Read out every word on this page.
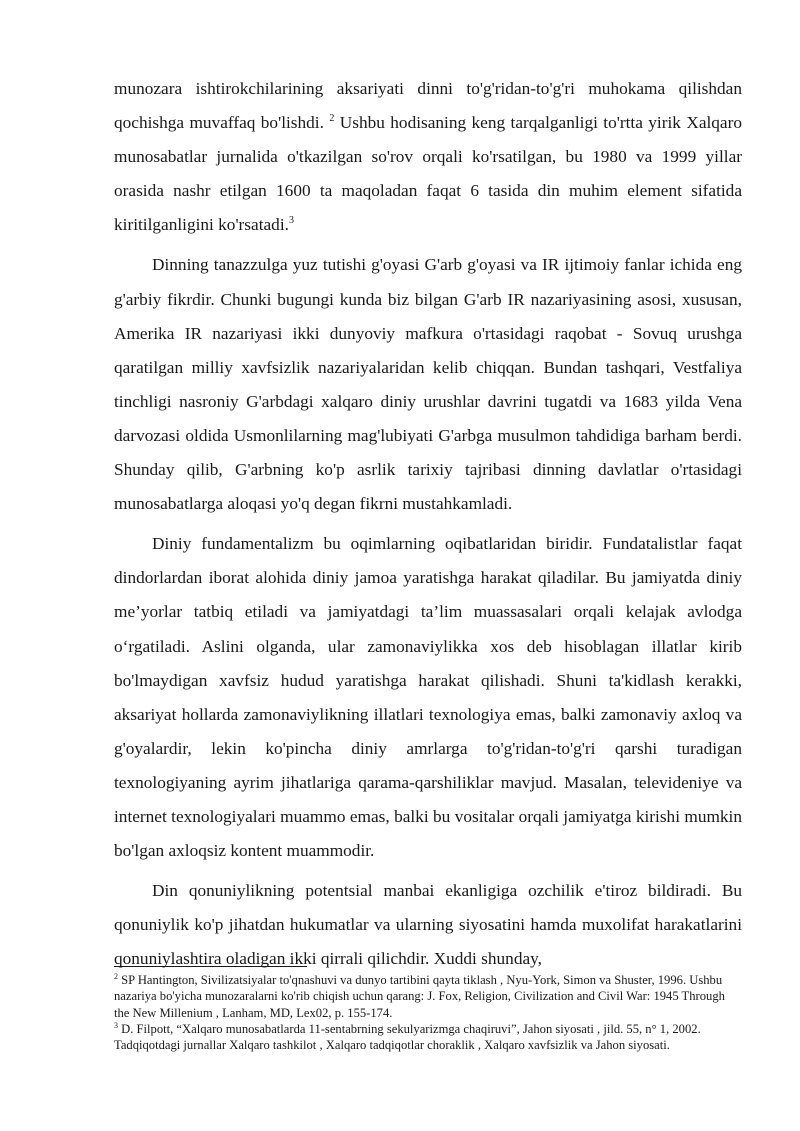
munozara ishtirokchilarining aksariyati dinni to'g'ridan-to'g'ri muhokama qilishdan qochishga muvaffaq bo'lishdi. $^2$ Ushbu hodisaning keng tarqalganligi to'rtta yirik Xalqaro munosabatlar jurnalida o'tkazilgan so'rov orqali ko'rsatilgan, bu 1980 va 1999 yillar orasida nashr etilgan 1600 ta maqoladan faqat 6 tasida din muhim element sifatida kiritilganligini ko'rsatadi.$^3$

Dinning tanazzulga yuz tutishi g'oyasi G'arb g'oyasi va IR ijtimoiy fanlar ichida eng g'arbiy fikrdir. Chunki bugungi kunda biz bilgan G'arb IR nazariyasining asosi, xususan, Amerika IR nazariyasi ikki dunyoviy mafkura o'rtasidagi raqobat - Sovuq urushga qaratilgan milliy xavfsizlik nazariyalaridan kelib chiqqan. Bundan tashqari, Vestfaliya tinchligi nasroniy G'arbdagi xalqaro diniy urushlar davrini tugatdi va 1683 yilda Vena darvozasi oldida Usmonlilarning mag'lubiyati G'arbga musulmon tahdidiga barham berdi. Shunday qilib, G'arbning ko'p asrlik tarixiy tajribasi dinning davlatlar o'rtasidagi munosabatlarga aloqasi yo'q degan fikrni mustahkamladi.

Diniy fundamentalizm bu oqimlarning oqibatlaridan biridir. Fundatalistlar faqat dindorlardan iborat alohida diniy jamoa yaratishga harakat qiladilar. Bu jamiyatda diniy me’yorlar tatbiq etiladi va jamiyatdagi ta’lim muassasalari orqali kelajak avlodga o‘rgatiladi. Aslini olganda, ular zamonaviylikka xos deb hisoblagan illatlar kirib bo'lmaydigan xavfsiz hudud yaratishga harakat qilishadi. Shuni ta'kidlash kerakki, aksariyat hollarda zamonaviylikning illatlari texnologiya emas, balki zamonaviy axloq va g'oyalardir, lekin ko'pincha diniy amrlarga to'g'ridan-to'g'ri qarshi turadigan texnologiyaning ayrim jihatlariga qarama-qarshiliklar mavjud. Masalan, televideniye va internet texnologiyalari muammo emas, balki bu vositalar orqali jamiyatga kirishi mumkin bo'lgan axloqsiz kontent muammodir.

Din qonuniylikning potentsial manbai ekanligiga ozchilik e'tiroz bildiradi. Bu qonuniylik ko'p jihatdan hukumatlar va ularning siyosatini hamda muxolifat harakatlarini qonuniylashtira oladigan ikki qirrali qilichdir. Xuddi shunday,

$^2$ SP Hantington, Sivilizatsiyalar to'qnashuvi va dunyo tartibini qayta tiklash , Nyu-York, Simon va Shuster, 1996. Ushbu nazariya bo'yicha munozaralarni ko'rib chiqish uchun qarang: J. Fox, Religion, Civilization and Civil War: 1945 Through the New Millenium , Lanham, MD, Lex02, p. 155-174.

$^3$ D. Filpott, “Xalqaro munosabatlarda 11-sentabrning sekulyarizmga chaqiruvi”, Jahon siyosati , jild. 55, n° 1, 2002. Tadqiqotdagi jurnallar Xalqaro tashkilot , Xalqaro tadqiqotlar choraklik , Xalqaro xavfsizlik va Jahon siyosati.
